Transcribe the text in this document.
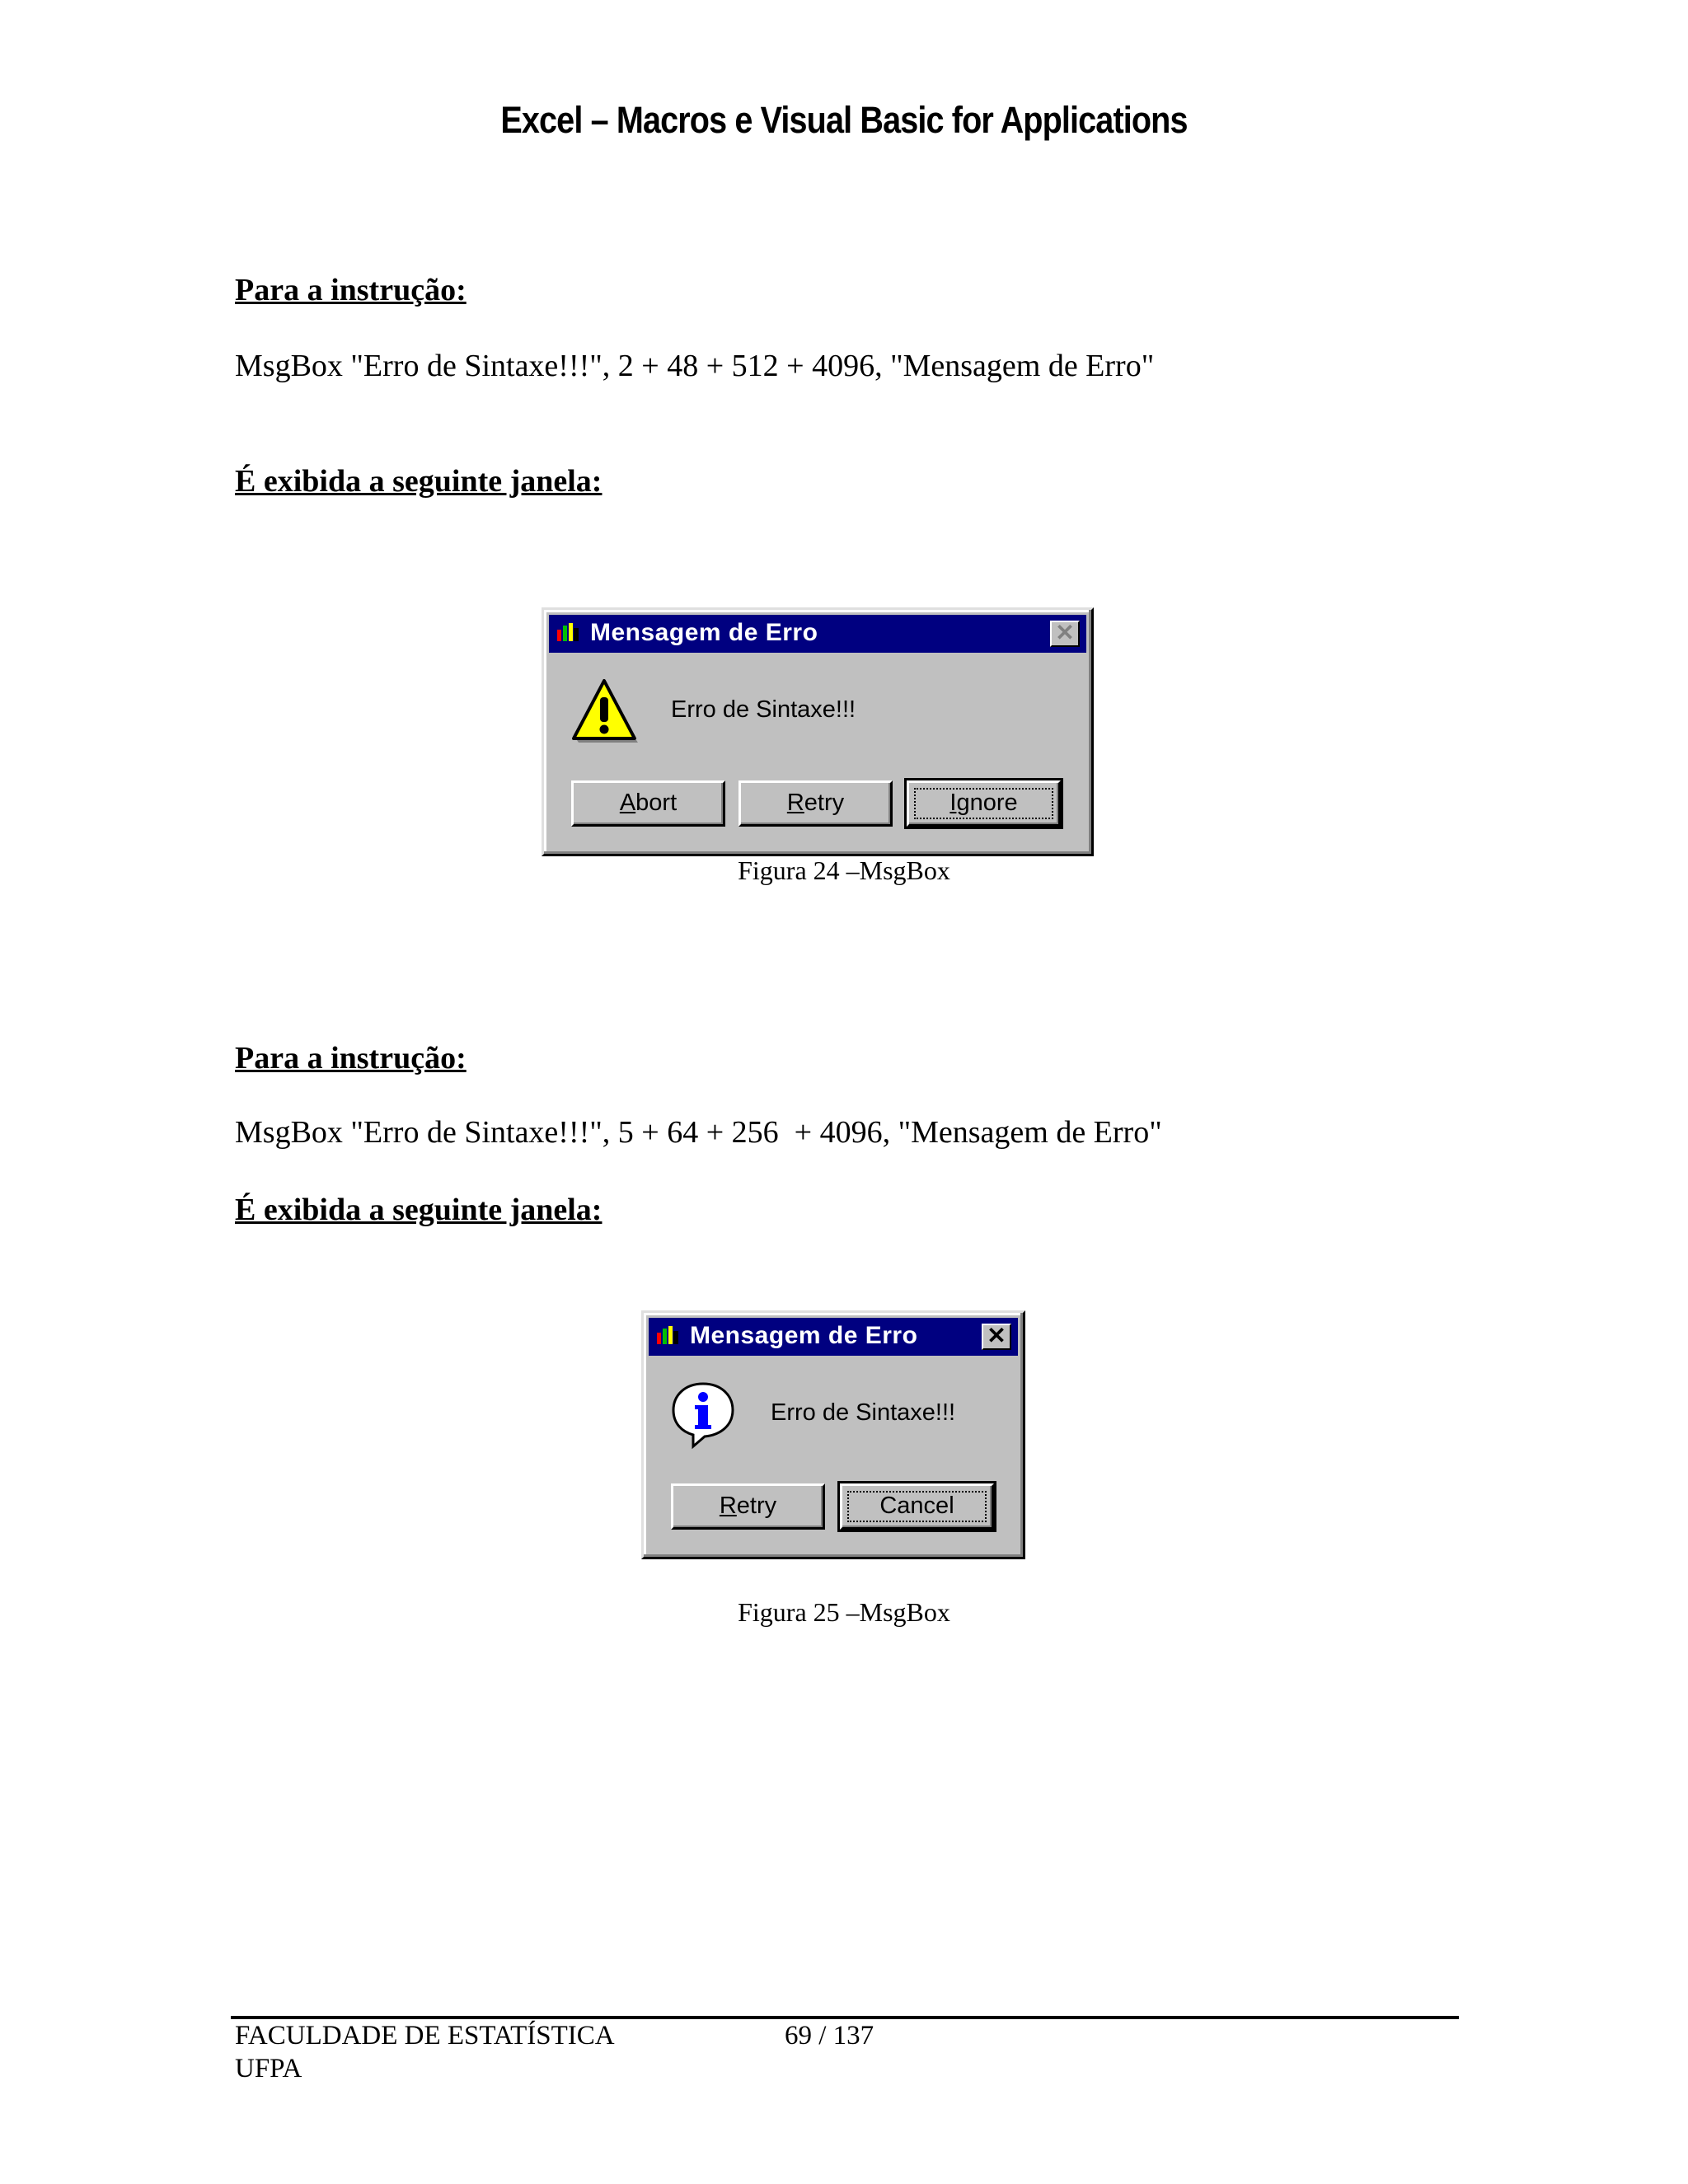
Excel – Macros e Visual Basic for Applications
Para a instrução:
MsgBox "Erro de Sintaxe!!!", 2 + 48 + 512 + 4096, "Mensagem de Erro"
É exibida a seguinte janela:
Mensagem de Erro	✕
Erro de Sintaxe!!!
Abort	Retry	Ignore
Figura 24 –MsgBox
Para a instrução:
MsgBox "Erro de Sintaxe!!!", 5 + 64 + 256  + 4096, "Mensagem de Erro"
É exibida a seguinte janela:
Mensagem de Erro	✕
Erro de Sintaxe!!!
Retry	Cancel
Figura 25 –MsgBox
FACULDADE DE ESTATÍSTICA
UFPA
69 / 137
